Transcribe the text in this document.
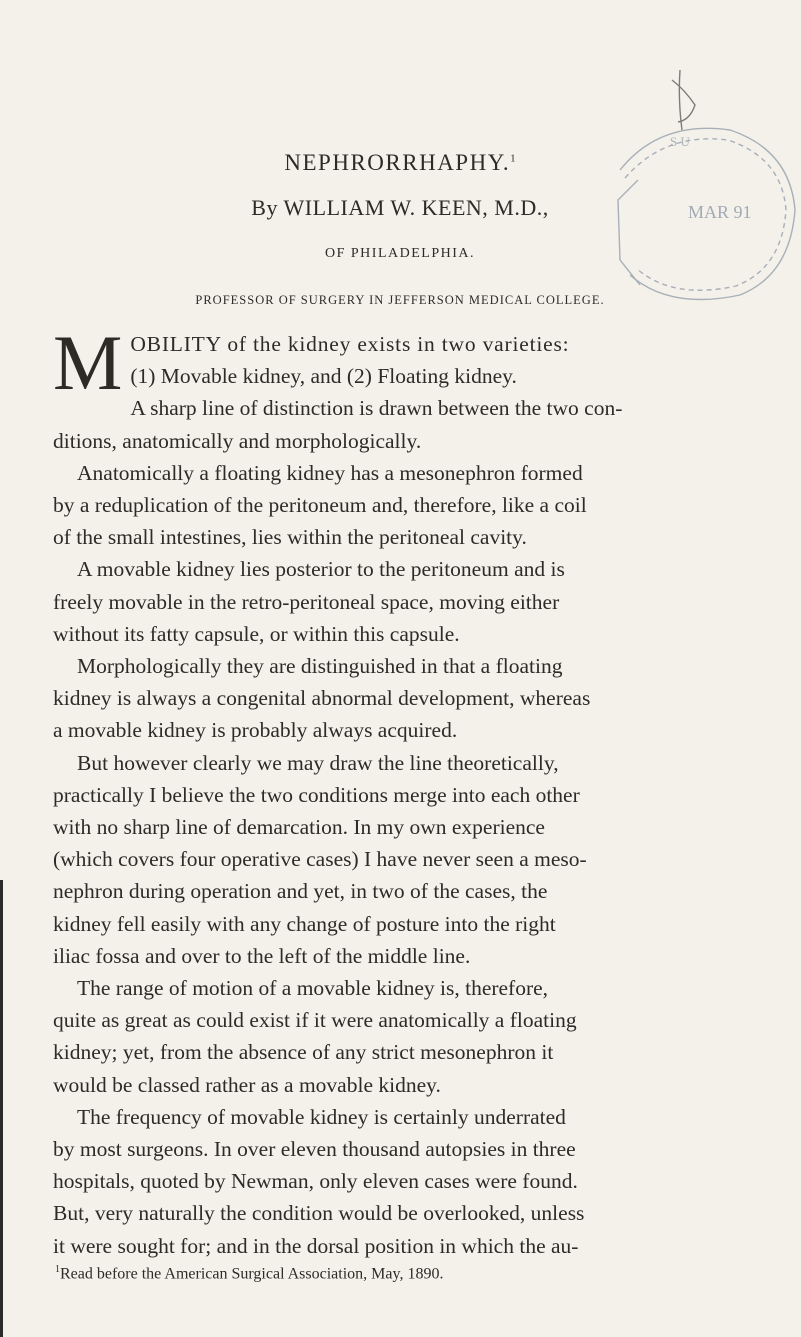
NEPHRORRHAPHY.$^1$
By WILLIAM W. KEEN, M.D.,
OF PHILADELPHIA.
PROFESSOR OF SURGERY IN JEFFERSON MEDICAL COLLEGE.
MAR 91
S U
M OBILITY of the kidney exists in two varieties:
(1) Movable kidney, and (2) Floating kidney.
A sharp line of distinction is drawn between the two con-
ditions, anatomically and morphologically.
Anatomically a floating kidney has a mesonephron formed
by a reduplication of the peritoneum and, therefore, like a coil
of the small intestines, lies within the peritoneal cavity.
A movable kidney lies posterior to the peritoneum and is
freely movable in the retro-peritoneal space, moving either
without its fatty capsule, or within this capsule.
Morphologically they are distinguished in that a floating
kidney is always a congenital abnormal development, whereas
a movable kidney is probably always acquired.
But however clearly we may draw the line theoretically,
practically I believe the two conditions merge into each other
with no sharp line of demarcation. In my own experience
(which covers four operative cases) I have never seen a meso-
nephron during operation and yet, in two of the cases, the
kidney fell easily with any change of posture into the right
iliac fossa and over to the left of the middle line.
The range of motion of a movable kidney is, therefore,
quite as great as could exist if it were anatomically a floating
kidney; yet, from the absence of any strict mesonephron it
would be classed rather as a movable kidney.
The frequency of movable kidney is certainly underrated
by most surgeons. In over eleven thousand autopsies in three
hospitals, quoted by Newman, only eleven cases were found.
But, very naturally the condition would be overlooked, unless
it were sought for; and in the dorsal position in which the au-
$^1$Read before the American Surgical Association, May, 1890.
